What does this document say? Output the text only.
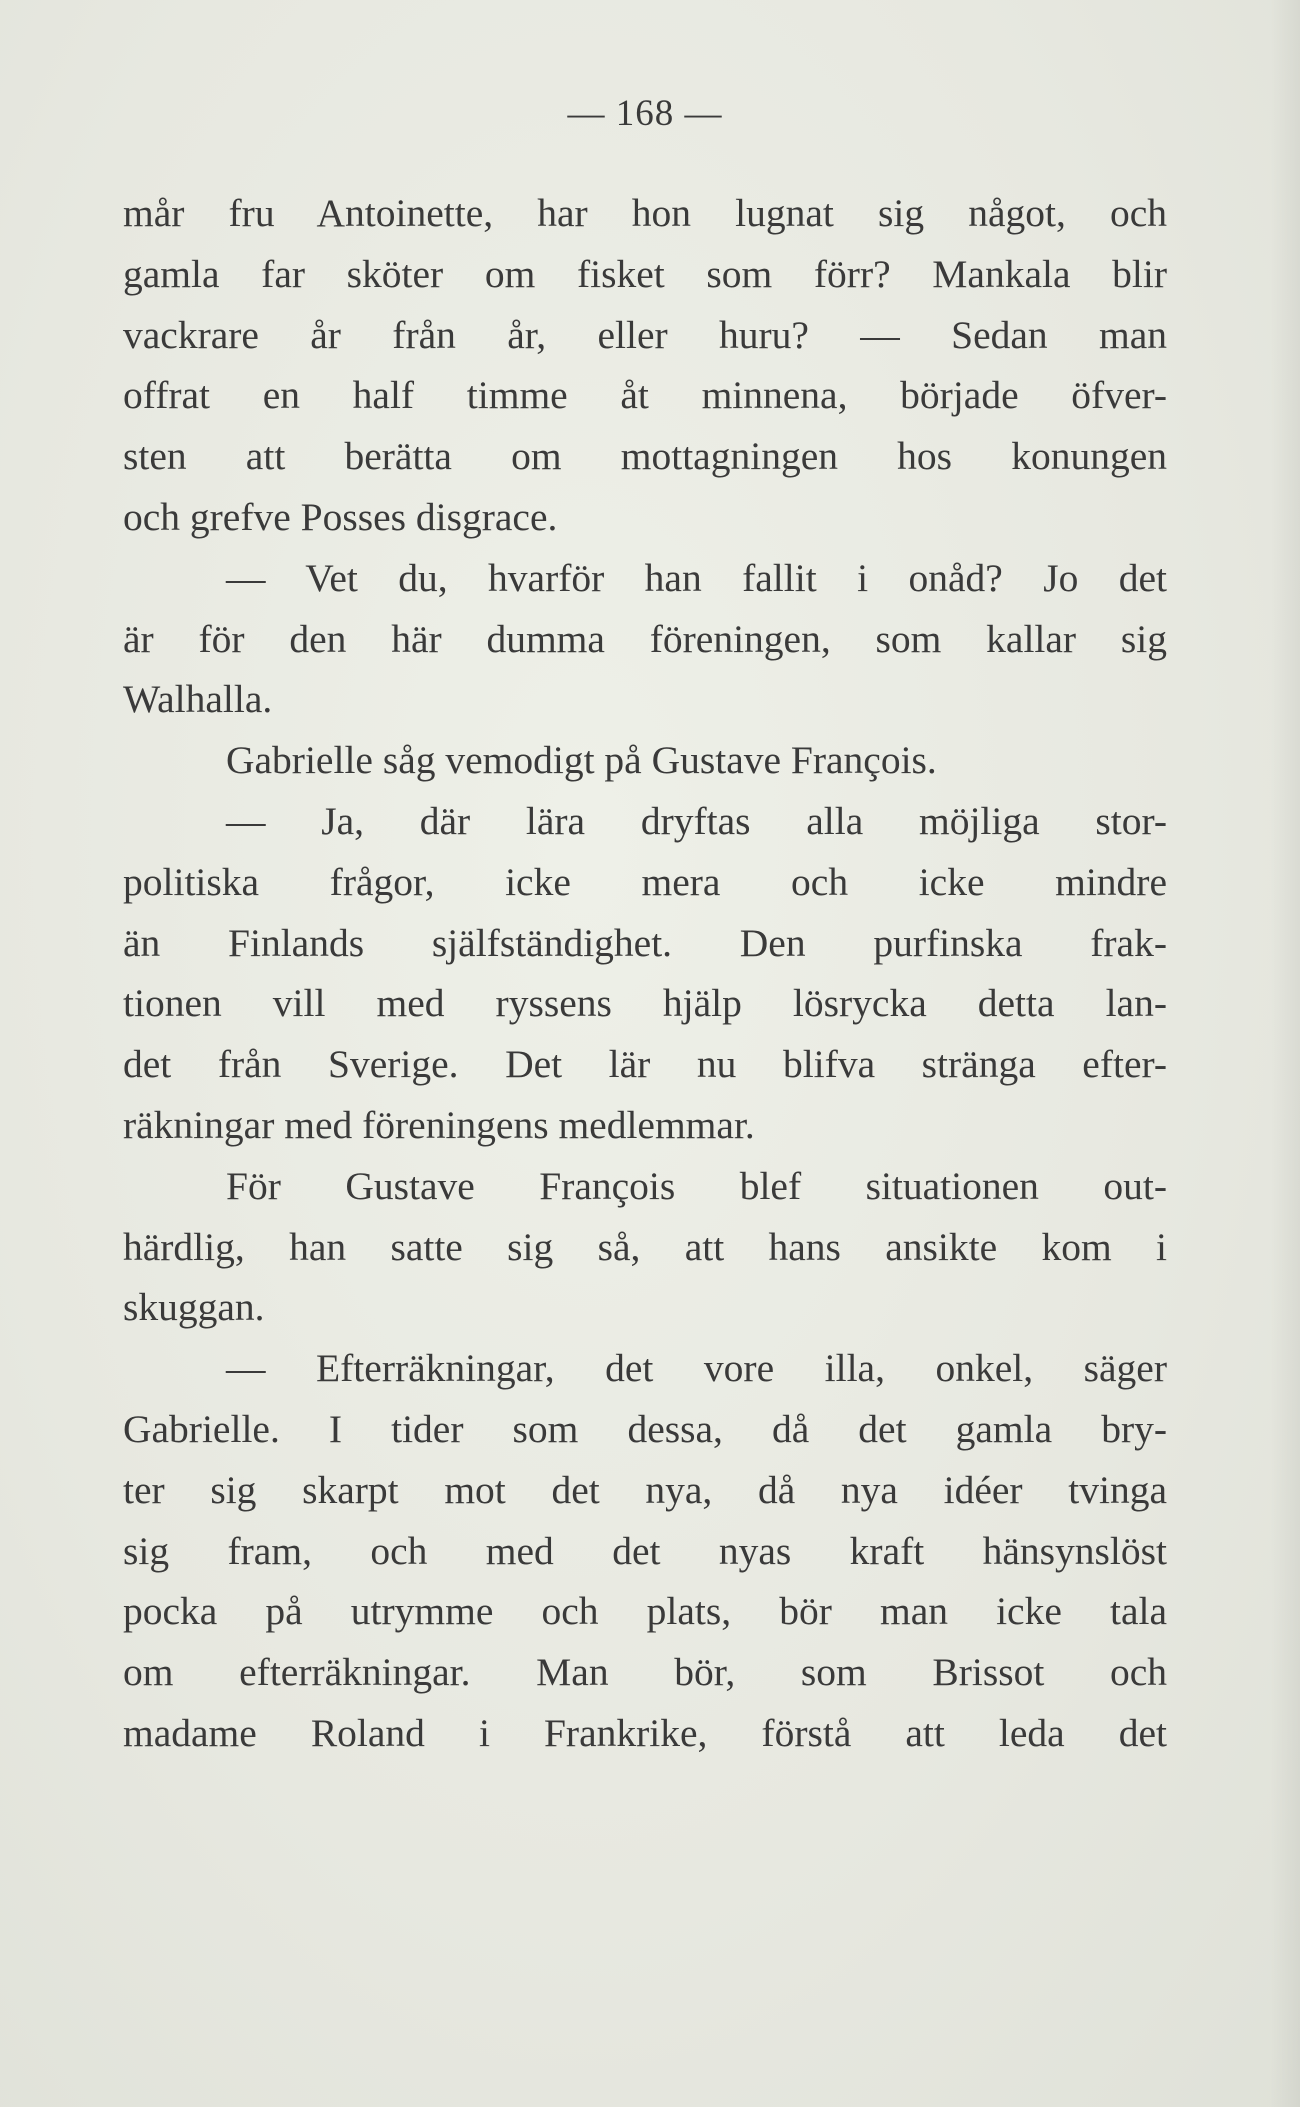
— 168 —
mår fru Antoinette, har hon lugnat sig något, och
gamla far sköter om fisket som förr? Mankala blir
vackrare år från år, eller huru? — Sedan man
offrat en half timme åt minnena, började öfver-
sten att berätta om mottagningen hos konungen
och grefve Posses disgrace.
— Vet du, hvarför han fallit i onåd? Jo det
är för den här dumma föreningen, som kallar sig
Walhalla.
Gabrielle såg vemodigt på Gustave François.
— Ja, där lära dryftas alla möjliga stor-
politiska frågor, icke mera och icke mindre
än Finlands själfständighet. Den purfinska frak-
tionen vill med ryssens hjälp lösrycka detta lan-
det från Sverige. Det lär nu blifva stränga efter-
räkningar med föreningens medlemmar.
För Gustave François blef situationen out-
härdlig, han satte sig så, att hans ansikte kom i
skuggan.
— Efterräkningar, det vore illa, onkel, säger
Gabrielle. I tider som dessa, då det gamla bry-
ter sig skarpt mot det nya, då nya idéer tvinga
sig fram, och med det nyas kraft hänsynslöst
pocka på utrymme och plats, bör man icke tala
om efterräkningar. Man bör, som Brissot och
madame Roland i Frankrike, förstå att leda det
